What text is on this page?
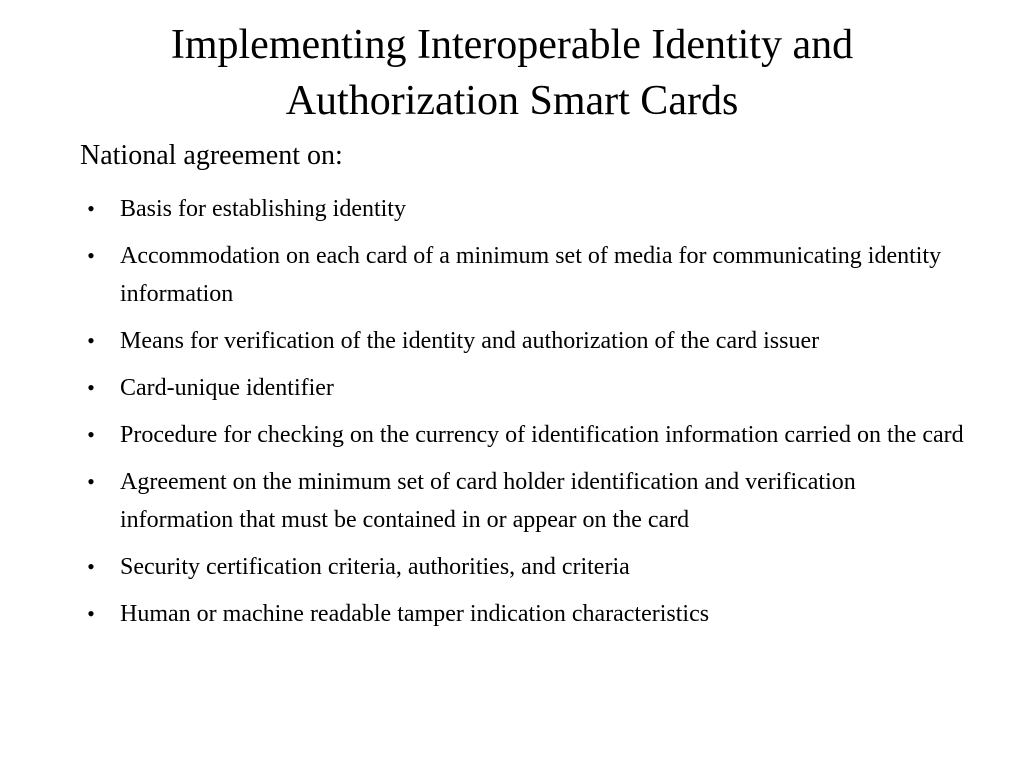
Implementing Interoperable Identity and
Authorization Smart Cards

National agreement on:

• Basis for establishing identity
• Accommodation on each card of a minimum set of media for communicating identity information
• Means for verification of the identity and authorization of the card issuer
• Card-unique identifier
• Procedure for checking on the currency of identification information carried on the card
• Agreement on the minimum set of card holder identification and verification information that must be contained in or appear on the card
• Security certification criteria, authorities, and criteria
• Human or machine readable tamper indication characteristics
